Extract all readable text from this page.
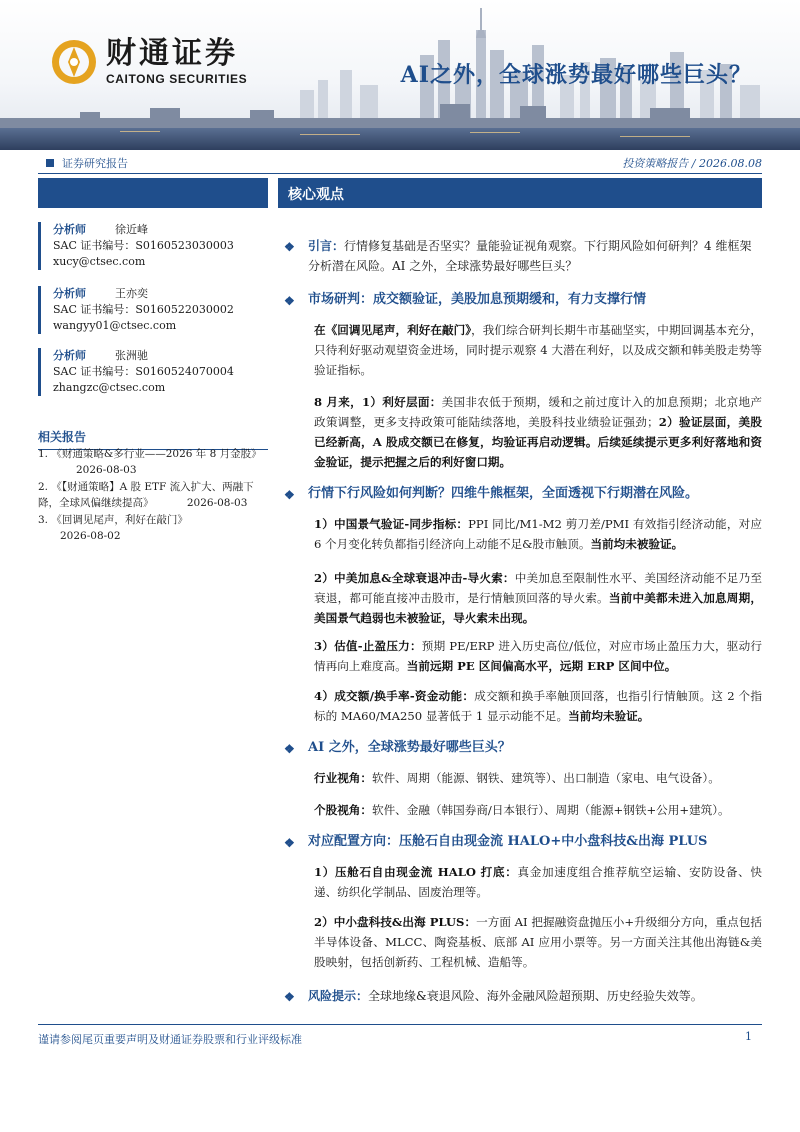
财通证券
CAITONG SECURITIES	AI之外，全球涨势最好哪些巨头？
证券研究报告	投资策略报告 / 2026.08.08
分析师	徐近峰
SAC 证书编号：S0160523030003
xucy@ctsec.com
分析师	王亦奕
SAC 证书编号：S0160522030002
wangyy01@ctsec.com
分析师	张洲驰
SAC 证书编号：S0160524070004
zhangzc@ctsec.com
相关报告
1. 《财通策略&多行业——2026 年 8 月金股》 2026-08-03
2. 《【财通策略】A 股 ETF 流入扩大、两融下降，全球风偏继续提高》	2026-08-03
3. 《回调见尾声，利好在敲门》 2026-08-02
核心观点
❖	引言：行情修复基础是否坚实？量能验证视角观察。下行期风险如何研判？4 维框架分析潜在风险。AI 之外，全球涨势最好哪些巨头？
❖	市场研判：成交额验证，美股加息预期缓和，有力支撑行情
在《回调见尾声，利好在敲门》，我们综合研判长期牛市基础坚实，中期回调基本充分，只待利好驱动观望资金进场，同时提示观察 4 大潜在利好，以及成交额和韩美股走势等验证指标。
8 月来，1）利好层面：美国非农低于预期，缓和之前过度计入的加息预期；北京地产政策调整，更多支持政策可能陆续落地，美股科技业绩验证强劲；2）验证层面，美股已经新高，A 股成交额已在修复，均验证再启动逻辑。后续延续提示更多利好落地和资金验证，提示把握之后的利好窗口期。
❖	行情下行风险如何判断？四维牛熊框架，全面透视下行期潜在风险。
1）中国景气验证-同步指标：PPI 同比/M1-M2 剪刀差/PMI 有效指引经济动能，对应 6 个月变化转负都指引经济向上动能不足&股市触顶。当前均未被验证。
2）中美加息&全球衰退冲击-导火索：中美加息至限制性水平、美国经济动能不足乃至衰退，都可能直接冲击股市，是行情触顶回落的导火索。当前中美都未进入加息周期，美国景气趋弱也未被验证，导火索未出现。
3）估值-止盈压力：预期 PE/ERP 进入历史高位/低位，对应市场止盈压力大，驱动行情再向上难度高。当前远期 PE 区间偏高水平，远期 ERP 区间中位。
4）成交额/换手率-资金动能：成交额和换手率触顶回落，也指引行情触顶。这 2 个指标的 MA60/MA250 显著低于 1 显示动能不足。当前均未验证。
❖	AI 之外，全球涨势最好哪些巨头？
行业视角：软件、周期（能源、钢铁、建筑等）、出口制造（家电、电气设备）。
个股视角：软件、金融（韩国券商/日本银行）、周期（能源+钢铁+公用+建筑）。
❖	对应配置方向：压舱石自由现金流 HALO+中小盘科技&出海 PLUS
1）压舱石自由现金流 HALO 打底：真金加速度组合推荐航空运输、安防设备、快递、纺织化学制品、固废治理等。
2）中小盘科技&出海 PLUS：一方面 AI 把握融资盘抛压小+升级细分方向，重点包括半导体设备、MLCC、陶瓷基板、底部 AI 应用小票等。另一方面关注其他出海链&美股映射，包括创新药、工程机械、造船等。
❖	风险提示：全球地缘&衰退风险、海外金融风险超预期、历史经验失效等。
谨请参阅尾页重要声明及财通证券股票和行业评级标准	1
